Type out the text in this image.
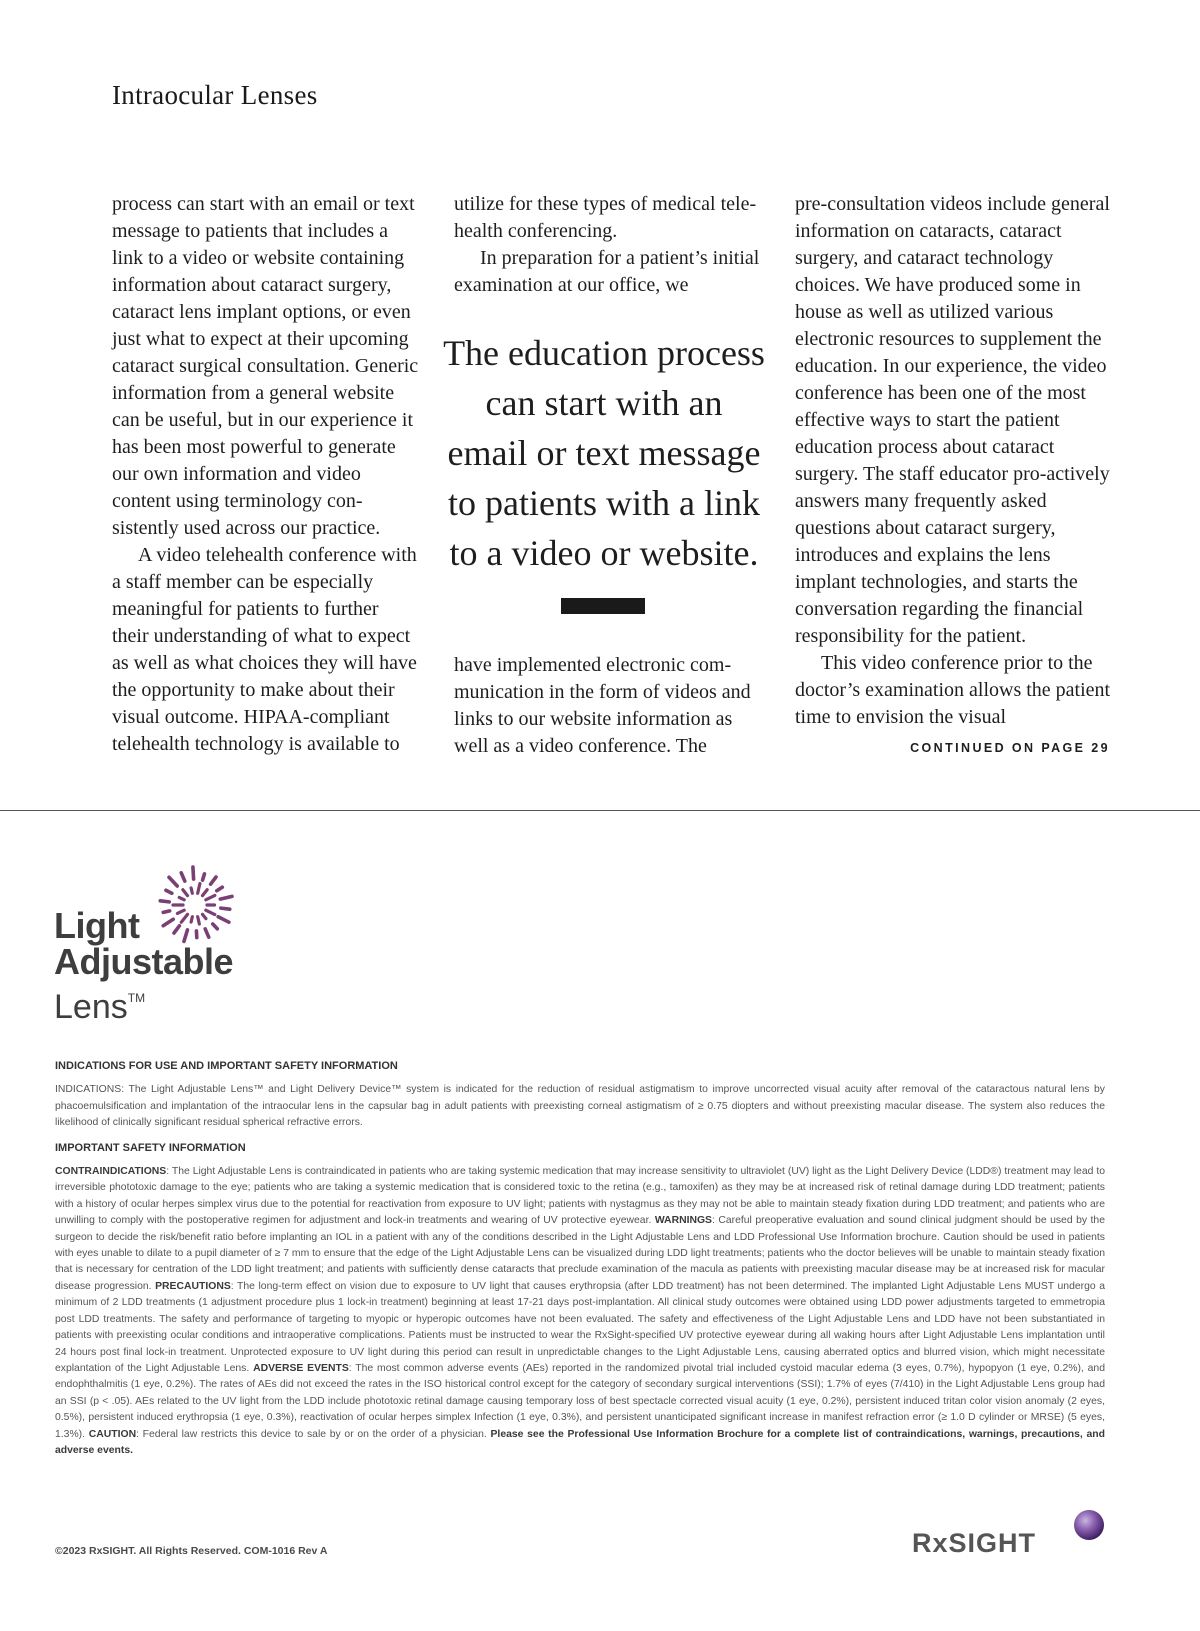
Intraocular Lenses

process can start with an email or text message to patients that includes a link to a video or website containing information about cataract surgery, cataract lens implant options, or even just what to expect at their upcoming cataract surgical consultation. Generic information from a general website can be useful, but in our experience it has been most powerful to generate our own information and video content using terminology consistently used across our practice.

A video telehealth conference with a staff member can be especially meaningful for patients to further their understanding of what to expect as well as what choices they will have the opportunity to make about their visual outcome. HIPAA-compliant telehealth technology is available to

utilize for these types of medical telehealth conferencing.

In preparation for a patient’s initial examination at our office, we

The education process can start with an email or text message to patients with a link to a video or website.

have implemented electronic communication in the form of videos and links to our website information as well as a video conference. The

pre-consultation videos include general information on cataracts, cataract surgery, and cataract technology choices. We have produced some in house as well as utilized various electronic resources to supplement the education. In our experience, the video conference has been one of the most effective ways to start the patient education process about cataract surgery. The staff educator pro-actively answers many frequently asked questions about cataract surgery, introduces and explains the lens implant technologies, and starts the conversation regarding the financial responsibility for the patient.

This video conference prior to the doctor’s examination allows the patient time to envision the visual

CONTINUED ON PAGE 29
Light
Adjustable
Lens™
INDICATIONS FOR USE AND IMPORTANT SAFETY INFORMATION
INDICATIONS: The Light Adjustable Lens™ and Light Delivery Device™ system is indicated for the reduction of residual astigmatism to improve uncorrected visual acuity after removal of the cataractous natural lens by phacoemulsification and implantation of the intraocular lens in the capsular bag in adult patients with preexisting corneal astigmatism of ≥ 0.75 diopters and without preexisting macular disease. The system also reduces the likelihood of clinically significant residual spherical refractive errors.
IMPORTANT SAFETY INFORMATION
CONTRAINDICATIONS: The Light Adjustable Lens is contraindicated in patients who are taking systemic medication that may increase sensitivity to ultraviolet (UV) light as the Light Delivery Device (LDD®) treatment may lead to irreversible phototoxic damage to the eye; patients who are taking a systemic medication that is considered toxic to the retina (e.g., tamoxifen) as they may be at increased risk of retinal damage during LDD treatment; patients with a history of ocular herpes simplex virus due to the potential for reactivation from exposure to UV light; patients with nystagmus as they may not be able to maintain steady fixation during LDD treatment; and patients who are unwilling to comply with the postoperative regimen for adjustment and lock-in treatments and wearing of UV protective eyewear. WARNINGS: Careful preoperative evaluation and sound clinical judgment should be used by the surgeon to decide the risk/benefit ratio before implanting an IOL in a patient with any of the conditions described in the Light Adjustable Lens and LDD Professional Use Information brochure. Caution should be used in patients with eyes unable to dilate to a pupil diameter of ≥ 7 mm to ensure that the edge of the Light Adjustable Lens can be visualized during LDD light treatments; patients who the doctor believes will be unable to maintain steady fixation that is necessary for centration of the LDD light treatment; and patients with sufficiently dense cataracts that preclude examination of the macula as patients with preexisting macular disease may be at increased risk for macular disease progression. PRECAUTIONS: The long-term effect on vision due to exposure to UV light that causes erythropsia (after LDD treatment) has not been determined. The implanted Light Adjustable Lens MUST undergo a minimum of 2 LDD treatments (1 adjustment procedure plus 1 lock-in treatment) beginning at least 17-21 days post-implantation. All clinical study outcomes were obtained using LDD power adjustments targeted to emmetropia post LDD treatments. The safety and performance of targeting to myopic or hyperopic outcomes have not been evaluated. The safety and effectiveness of the Light Adjustable Lens and LDD have not been substantiated in patients with preexisting ocular conditions and intraoperative complications. Patients must be instructed to wear the RxSight-specified UV protective eyewear during all waking hours after Light Adjustable Lens implantation until 24 hours post final lock-in treatment. Unprotected exposure to UV light during this period can result in unpredictable changes to the Light Adjustable Lens, causing aberrated optics and blurred vision, which might necessitate explantation of the Light Adjustable Lens. ADVERSE EVENTS: The most common adverse events (AEs) reported in the randomized pivotal trial included cystoid macular edema (3 eyes, 0.7%), hypopyon (1 eye, 0.2%), and endophthalmitis (1 eye, 0.2%). The rates of AEs did not exceed the rates in the ISO historical control except for the category of secondary surgical interventions (SSI); 1.7% of eyes (7/410) in the Light Adjustable Lens group had an SSI (p < .05). AEs related to the UV light from the LDD include phototoxic retinal damage causing temporary loss of best spectacle corrected visual acuity (1 eye, 0.2%), persistent induced tritan color vision anomaly (2 eyes, 0.5%), persistent induced erythropsia (1 eye, 0.3%), reactivation of ocular herpes simplex Infection (1 eye, 0.3%), and persistent unanticipated significant increase in manifest refraction error (≥ 1.0 D cylinder or MRSE) (5 eyes, 1.3%). CAUTION: Federal law restricts this device to sale by or on the order of a physician. Please see the Professional Use Information Brochure for a complete list of contraindications, warnings, precautions, and adverse events.
©2023 RxSIGHT. All Rights Reserved. COM-1016 Rev A	RxSIGHT
